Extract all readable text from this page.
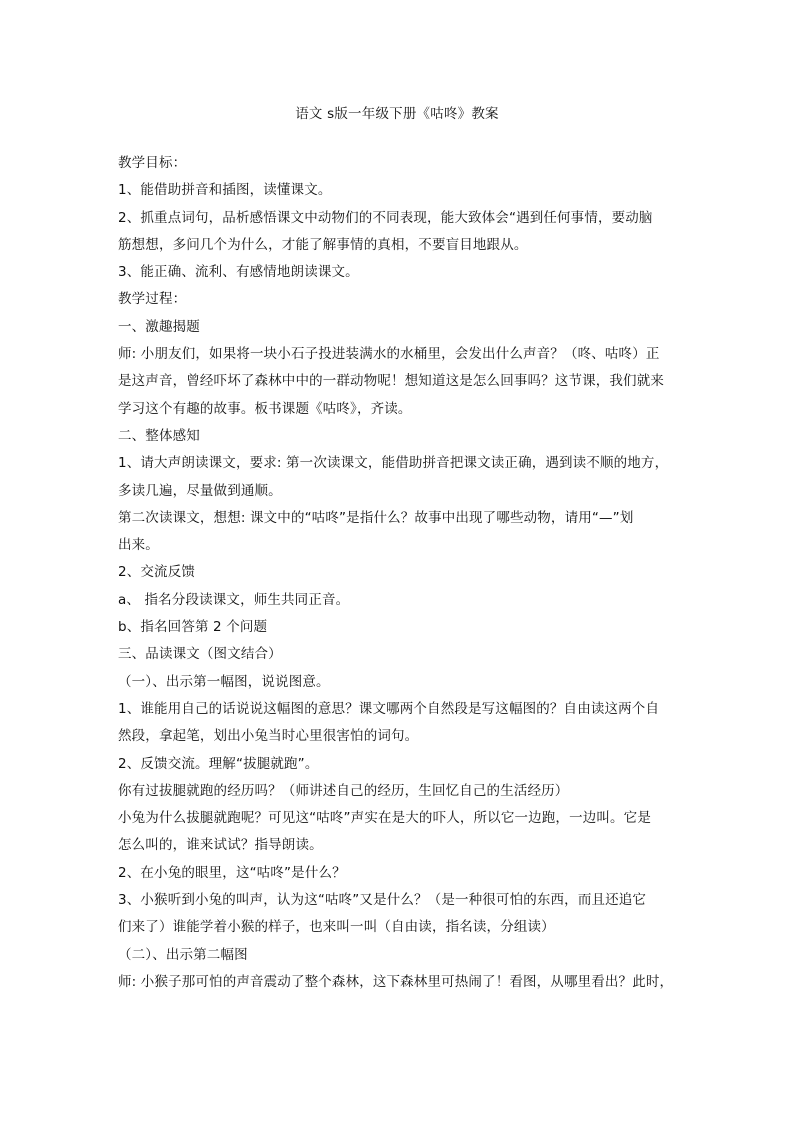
语文 s版一年级下册《咕咚》教案

教学目标：

1、能借助拼音和插图，读懂课文。

2、抓重点词句，品析感悟课文中动物们的不同表现，能大致体会“遇到任何事情，要动脑

筋想想，多问几个为什么，才能了解事情的真相，不要盲目地跟从。

3、能正确、流利、有感情地朗读课文。

教学过程：

一、激趣揭题

师: 小朋友们，如果将一块小石子投进装满水的水桶里，会发出什么声音？（咚、咕咚）正

是这声音，曾经吓坏了森林中中的一群动物呢！想知道这是怎么回事吗？这节课，我们就来

学习这个有趣的故事。板书课题《咕咚》，齐读。

二、整体感知

1、请大声朗读课文，要求: 第一次读课文，能借助拼音把课文读正确，遇到读不顺的地方，

多读几遍，尽量做到通顺。

第二次读课文，想想: 课文中的“咕咚”是指什么？故事中出现了哪些动物，请用“—”划

出来。

2、交流反馈

a、 指名分段读课文，师生共同正音。

b、指名回答第 2 个问题

三、品读课文（图文结合）

（一）、出示第一幅图，说说图意。

1、谁能用自己的话说说这幅图的意思？课文哪两个自然段是写这幅图的？自由读这两个自

然段，拿起笔，划出小兔当时心里很害怕的词句。

2、反馈交流。理解“拔腿就跑”。

你有过拔腿就跑的经历吗？（师讲述自己的经历，生回忆自己的生活经历）

小兔为什么拔腿就跑呢？可见这“咕咚”声实在是大的吓人，所以它一边跑，一边叫。它是

怎么叫的，谁来试试？指导朗读。

2、在小兔的眼里，这“咕咚”是什么？

3、小猴听到小兔的叫声，认为这“咕咚”又是什么？（是一种很可怕的东西，而且还追它

们来了）谁能学着小猴的样子，也来叫一叫（自由读，指名读，分组读）

（二）、出示第二幅图

师: 小猴子那可怕的声音震动了整个森林，这下森林里可热闹了！看图，从哪里看出？此时，
